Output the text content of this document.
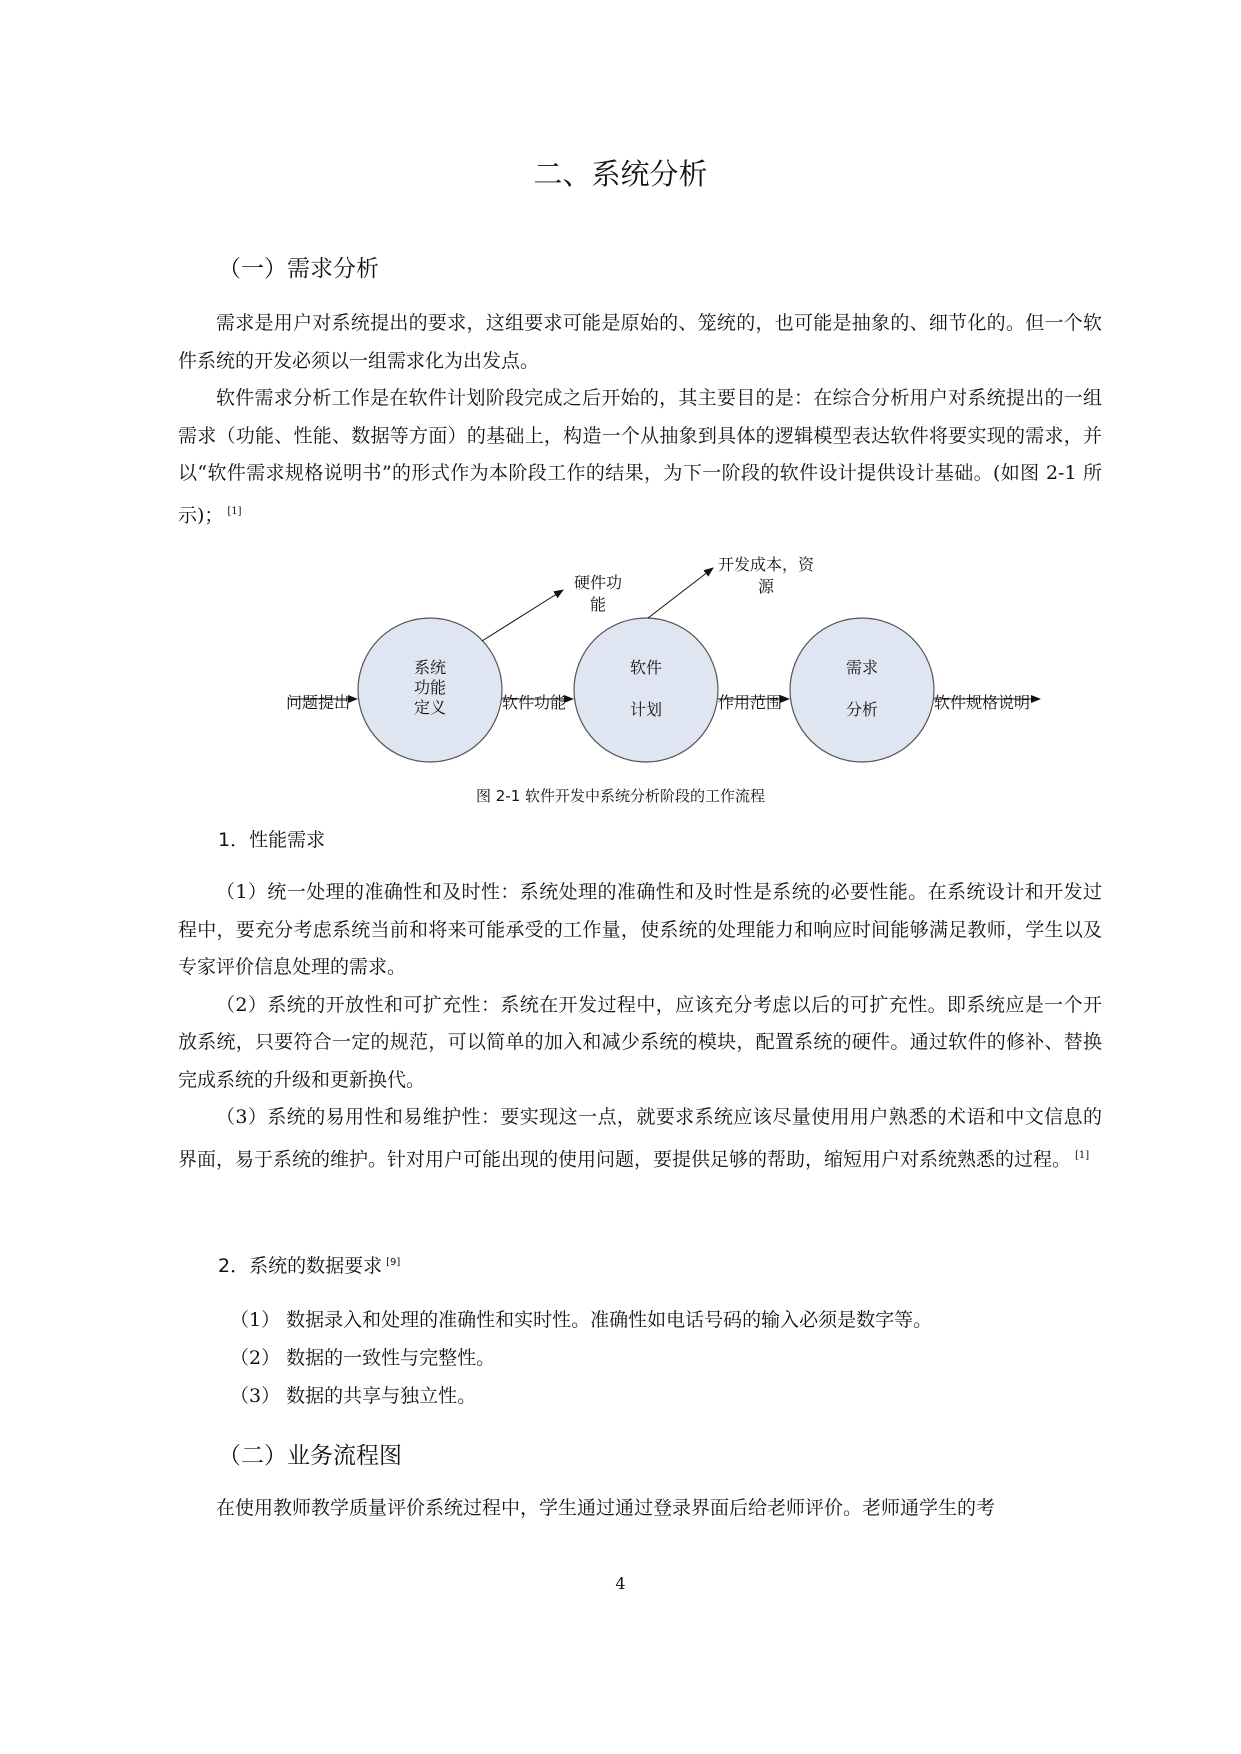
二、系统分析
（一）需求分析

需求是用户对系统提出的要求，这组要求可能是原始的、笼统的，也可能是抽象的、细节化的。但一个软件系统的开发必须以一组需求化为出发点。

软件需求分析工作是在软件计划阶段完成之后开始的，其主要目的是：在综合分析用户对系统提出的一组需求（功能、性能、数据等方面）的基础上，构造一个从抽象到具体的逻辑模型表达软件将要实现的需求，并以“软件需求规格说明书”的形式作为本阶段工作的结果，为下一阶段的软件设计提供设计基础。(如图 2-1 所示)； [1]

问题提出
系统
功能
定义
软件
计划
需求
分析
软件功能	作用范围	软件规格说明
硬件功
能
开发成本，资
源
图 2-1 软件开发中系统分析阶段的工作流程
1．性能需求

（1）统一处理的准确性和及时性：系统处理的准确性和及时性是系统的必要性能。在系统设计和开发过程中，要充分考虑系统当前和将来可能承受的工作量，使系统的处理能力和响应时间能够满足教师，学生以及专家评价信息处理的需求。

（2）系统的开放性和可扩充性：系统在开发过程中，应该充分考虑以后的可扩充性。即系统应是一个开放系统，只要符合一定的规范，可以简单的加入和减少系统的模块，配置系统的硬件。通过软件的修补、替换完成系统的升级和更新换代。

（3）系统的易用性和易维护性：要实现这一点，就要求系统应该尽量使用用户熟悉的术语和中文信息的界面，易于系统的维护。针对用户可能出现的使用问题，要提供足够的帮助，缩短用户对系统熟悉的过程。 [1]

2．系统的数据要求 [9]
（1） 数据录入和处理的准确性和实时性。准确性如电话号码的输入必须是数字等。
（2） 数据的一致性与完整性。
（3） 数据的共享与独立性。
（二）业务流程图

在使用教师教学质量评价系统过程中，学生通过通过登录界面后给老师评价。老师通学生的考

4
